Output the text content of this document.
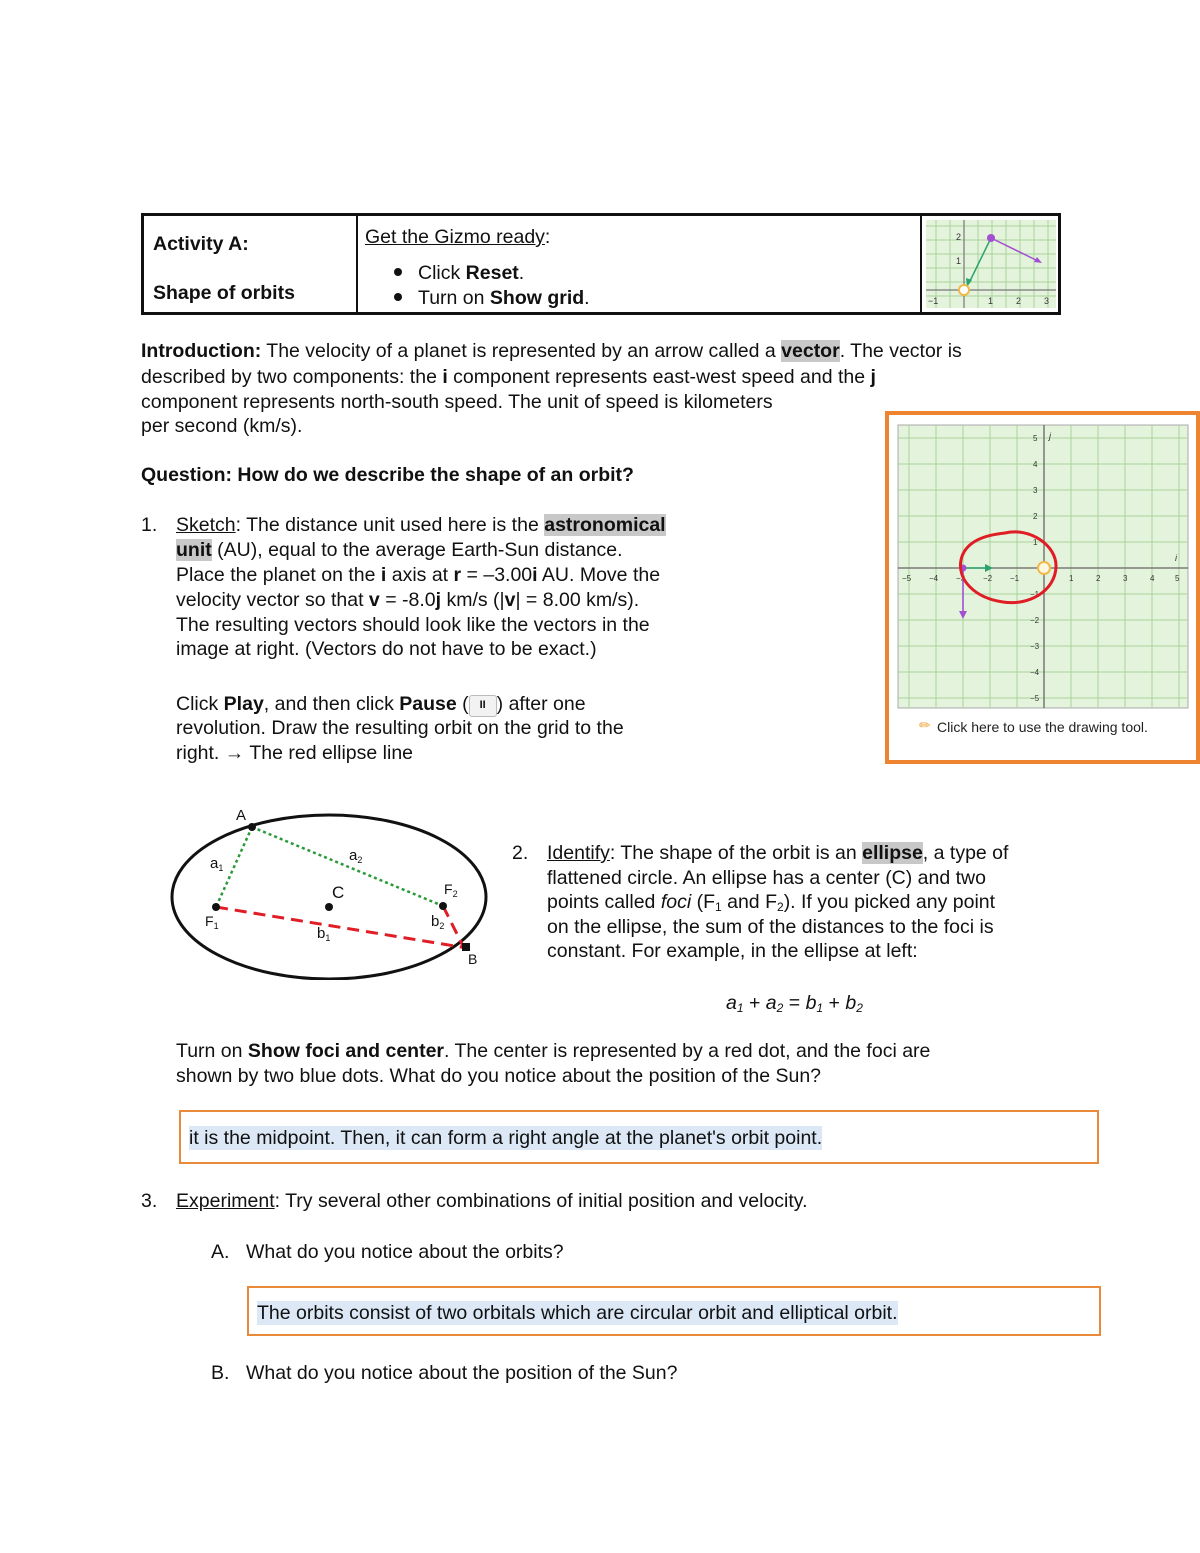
Activity A:
Shape of orbits
Get the Gizmo ready:
Click Reset.
Turn on Show grid.
2
1
−1	1	2	3
Introduction: The velocity of a planet is represented by an arrow called a vector. The vector is
described by two components: the i component represents east-west speed and the j
component represents north-south speed. The unit of speed is kilometers
per second (km/s).
Question: How do we describe the shape of an orbit?
1. Sketch: The distance unit used here is the astronomical
unit (AU), equal to the average Earth-Sun distance.
Place the planet on the i axis at r = –3.00i AU. Move the
velocity vector so that v = -8.0j km/s (|v| = 8.00 km/s).
The resulting vectors should look like the vectors in the
image at right. (Vectors do not have to be exact.)
Click Play, and then click Pause ( II ) after one
revolution. Draw the resulting orbit on the grid to the
right. → The red ellipse line
j
i
−5 −4 −3 −2 −1	1	2	3	4	5
5
4
3
2
1
−1
−2
−3
−4
−5
✏ Click here to use the drawing tool.
A
B
C
$F_1$
$F_2$
$a_1$
$a_2$
$b_1$
$b_2$
2. Identify: The shape of the orbit is an ellipse, a type of
flattened circle. An ellipse has a center (C) and two
points called foci ($F_1$ and $F_2$). If you picked any point
on the ellipse, the sum of the distances to the foci is
constant. For example, in the ellipse at left:
$a_1 + a_2 = b_1 + b_2$
Turn on Show foci and center. The center is represented by a red dot, and the foci are
shown by two blue dots. What do you notice about the position of the Sun?
it is the midpoint. Then, it can form a right angle at the planet's orbit point.
3. Experiment: Try several other combinations of initial position and velocity.
A. What do you notice about the orbits?
The orbits consist of two orbitals which are circular orbit and elliptical orbit.
B. What do you notice about the position of the Sun?
